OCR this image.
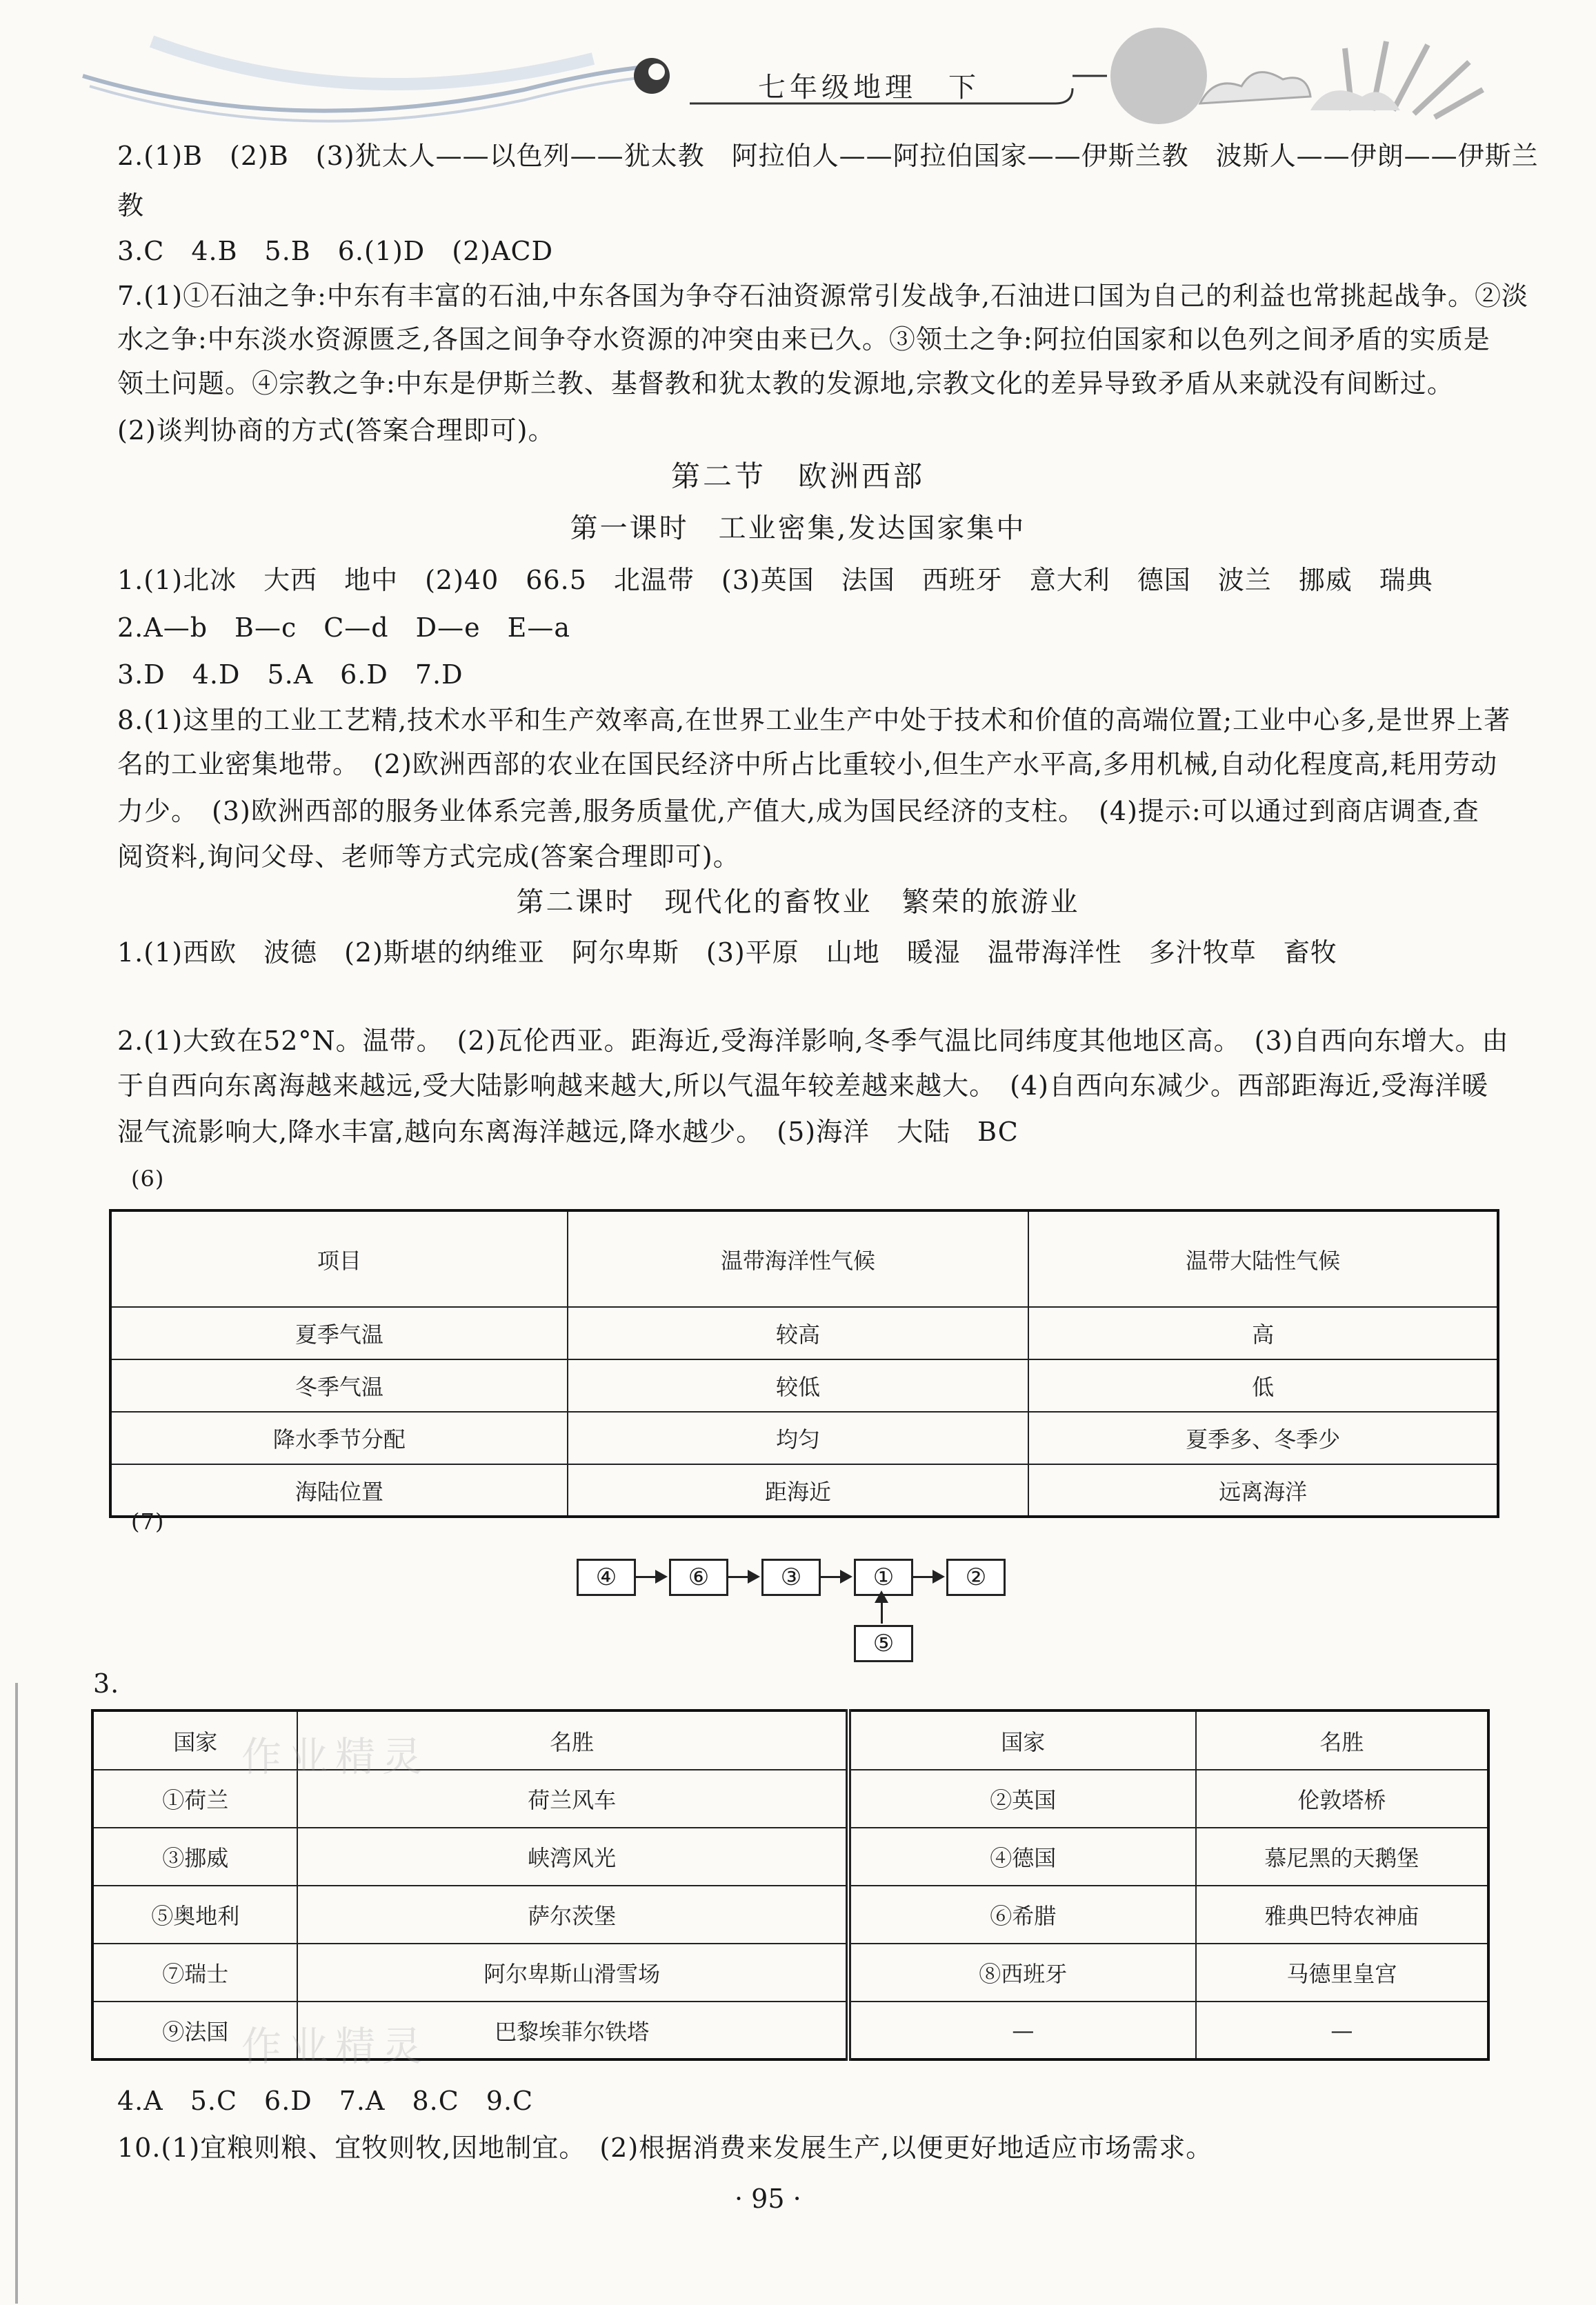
七年级地理　下
2.(1)B　(2)B　(3)犹太人——以色列——犹太教　阿拉伯人——阿拉伯国家——伊斯兰教　波斯人——伊朗——伊斯兰
教
3.C　4.B　5.B　6.(1)D　(2)ACD
7.(1)①石油之争:中东有丰富的石油,中东各国为争夺石油资源常引发战争,石油进口国为自己的利益也常挑起战争。②淡
水之争:中东淡水资源匮乏,各国之间争夺水资源的冲突由来已久。③领土之争:阿拉伯国家和以色列之间矛盾的实质是
领土问题。④宗教之争:中东是伊斯兰教、基督教和犹太教的发源地,宗教文化的差异导致矛盾从来就没有间断过。
(2)谈判协商的方式(答案合理即可)。
第二节　欧洲西部
第一课时　工业密集,发达国家集中
1.(1)北冰　大西　地中　(2)40　66.5　北温带　(3)英国　法国　西班牙　意大利　德国　波兰　挪威　瑞典
2.A—b　B—c　C—d　D—e　E—a
3.D　4.D　5.A　6.D　7.D
8.(1)这里的工业工艺精,技术水平和生产效率高,在世界工业生产中处于技术和价值的高端位置;工业中心多,是世界上著
名的工业密集地带。　(2)欧洲西部的农业在国民经济中所占比重较小,但生产水平高,多用机械,自动化程度高,耗用劳动
力少。　(3)欧洲西部的服务业体系完善,服务质量优,产值大,成为国民经济的支柱。　(4)提示:可以通过到商店调查,查
阅资料,询问父母、老师等方式完成(答案合理即可)。
第二课时　现代化的畜牧业　繁荣的旅游业
1.(1)西欧　波德　(2)斯堪的纳维亚　阿尔卑斯　(3)平原　山地　暖湿　温带海洋性　多汁牧草　畜牧
2.(1)大致在52°N。温带。　(2)瓦伦西亚。距海近,受海洋影响,冬季气温比同纬度其他地区高。　(3)自西向东增大。由
于自西向东离海越来越远,受大陆影响越来越大,所以气温年较差越来越大。　(4)自西向东减少。西部距海近,受海洋暖
湿气流影响大,降水丰富,越向东离海洋越远,降水越少。　(5)海洋　大陆　BC
(6)
项目	温带海洋性气候	温带大陆性气候
夏季气温	较高	高
冬季气温	较低	低
降水季节分配	均匀	夏季多、冬季少
海陆位置	距海近	远离海洋
(7)
④	⑥	③	①	②
⑤
3.
国家	名胜	国家	名胜
①荷兰	荷兰风车	②英国	伦敦塔桥
③挪威	峡湾风光	④德国	慕尼黑的天鹅堡
⑤奥地利	萨尔茨堡	⑥希腊	雅典巴特农神庙
⑦瑞士	阿尔卑斯山滑雪场	⑧西班牙	马德里皇宫
⑨法国	巴黎埃菲尔铁塔	—	—
作业精灵
作业精灵
4.A　5.C　6.D　7.A　8.C　9.C
10.(1)宜粮则粮、宜牧则牧,因地制宜。　(2)根据消费来发展生产,以便更好地适应市场需求。
· 95 ·
